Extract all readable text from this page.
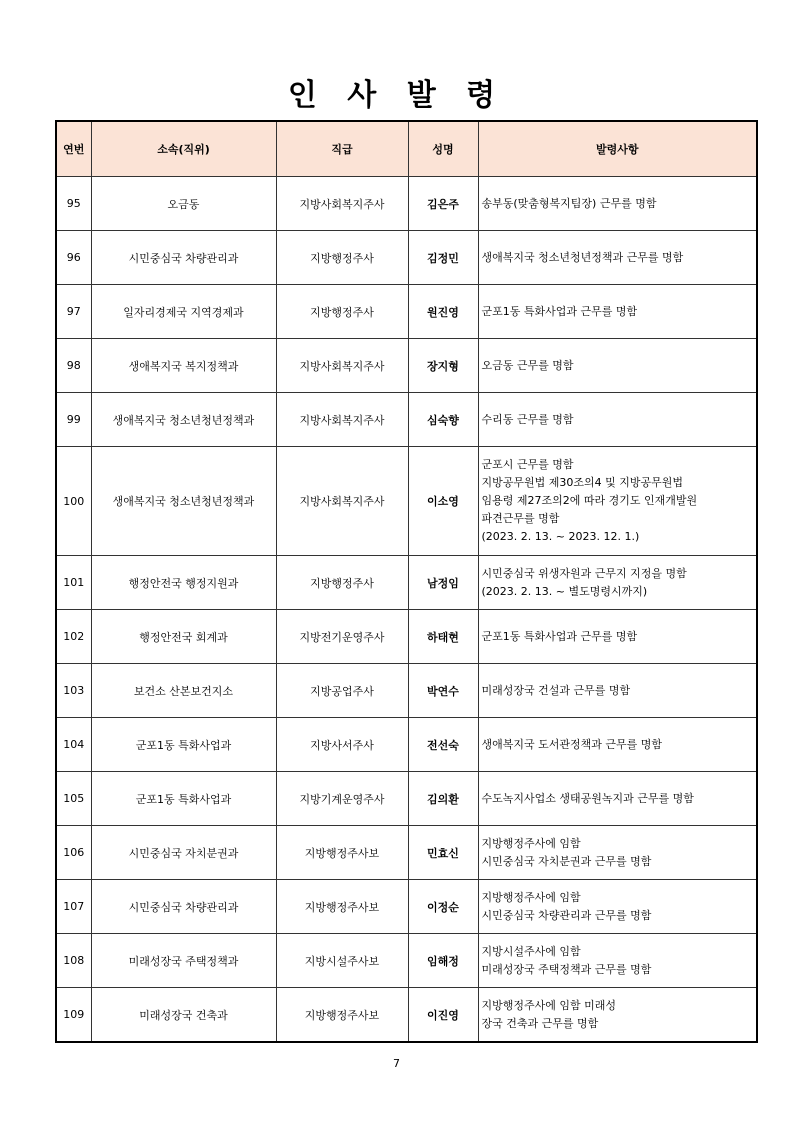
인 사 발 령
연번	소속(직위)	직급	성명	발령사항
95	오금동	지방사회복지주사	김은주	송부동(맞춤형복지팀장) 근무를 명함

96	시민중심국 차량관리과	지방행정주사	김정민	생애복지국 청소년청년정책과 근무를 명함

97	일자리경제국 지역경제과	지방행정주사	원진영	군포1동 특화사업과 근무를 명함

98	생애복지국 복지정책과	지방사회복지주사	장지형	오금동 근무를 명함

99	생애복지국 청소년청년정책과	지방사회복지주사	심숙향	수리동 근무를 명함

100	생애복지국 청소년청년정책과	지방사회복지주사	이소영	군포시 근무를 명함
지방공무원법 제30조의4 및 지방공무원법
임용령 제27조의2에 따라 경기도 인재개발원
파견근무를 명함
(2023. 2. 13. ~ 2023. 12. 1.)

101	행정안전국 행정지원과	지방행정주사	남정임	시민중심국 위생자원과 근무지 지정을 명함
(2023. 2. 13. ~ 별도명령시까지)

102	행정안전국 회계과	지방전기운영주사	하태현	군포1동 특화사업과 근무를 명함

103	보건소 산본보건지소	지방공업주사	박연수	미래성장국 건설과 근무를 명함

104	군포1동 특화사업과	지방사서주사	전선숙	생애복지국 도서관정책과 근무를 명함

105	군포1동 특화사업과	지방기계운영주사	김의환	수도녹지사업소 생태공원녹지과 근무를 명함

106	시민중심국 자치분권과	지방행정주사보	민효신	지방행정주사에 임함
시민중심국 자치분권과 근무를 명함

107	시민중심국 차량관리과	지방행정주사보	이정순	지방행정주사에 임함
시민중심국 차량관리과 근무를 명함

108	미래성장국 주택정책과	지방시설주사보	임해정	지방시설주사에 임함
미래성장국 주택정책과 근무를 명함

109	미래성장국 건축과	지방행정주사보	이진영	지방행정주사에 임함 미래성
장국 건축과 근무를 명함
7
